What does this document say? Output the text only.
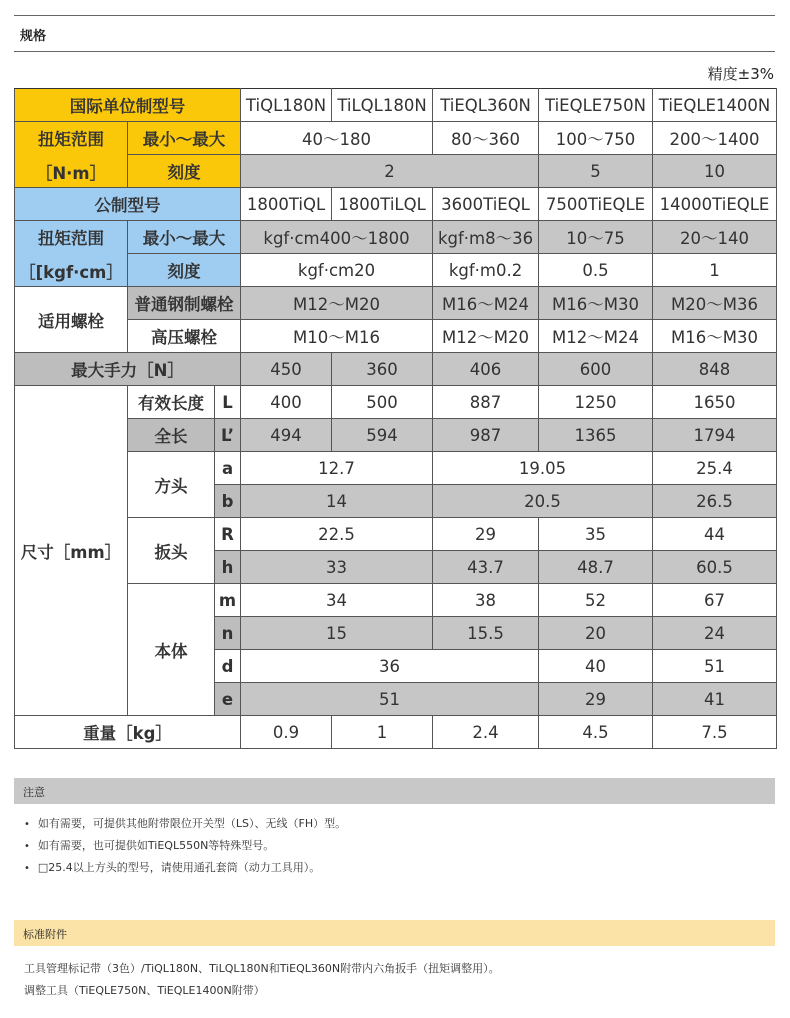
规格
精度±3%
国际单位制型号			TiQL180N	TiLQL180N	TiEQL360N	TiEQLE750N	TiEQLE1400N

扭矩范围
［N·m］	最小～最大		40～180		80～360	100～750	200～1400
	刻度		2			5	10
公制型号			1800TiQL	1800TiLQL	3600TiEQL	7500TiEQLE	14000TiEQLE

扭矩范围
［[kgf·cm］	最小～最大		kgf·cm400～1800		kgf·m8～36	10～75	20～140
	刻度		kgf·cm20		kgf·m0.2	0.5	1
适用螺栓	普通钢制螺栓		M12～M20		M16～M24	M16～M30	M20～M36
	高压螺栓		M10～M16		M12～M20	M12～M24	M16～M30
最大手力［N］			450	360	406	600	848
尺寸［mm］	有效长度	L	400	500	887	1250	1650
	全长	L’	494	594	987	1365	1794
	方头	a	12.7		19.05		25.4
		b	14		20.5		26.5
	扳头	R	22.5		29	35	44
		h	33		43.7	48.7	60.5
	本体	m	34		38	52	67
		n	15		15.5	20	24
		d	36			40	51
		e	51			29	41
重量［kg］			0.9	1	2.4	4.5	7.5
注意
• 如有需要，可提供其他附带限位开关型（LS）、无线（FH）型。
• 如有需要，也可提供如TiEQL550N等特殊型号。
• □25.4以上方头的型号，请使用通孔套筒（动力工具用）。
标准附件
工具管理标记带（3色）/TiQL180N、TiLQL180N和TiEQL360N附带内六角扳手（扭矩调整用）。
调整工具（TiEQLE750N、TiEQLE1400N附带）
